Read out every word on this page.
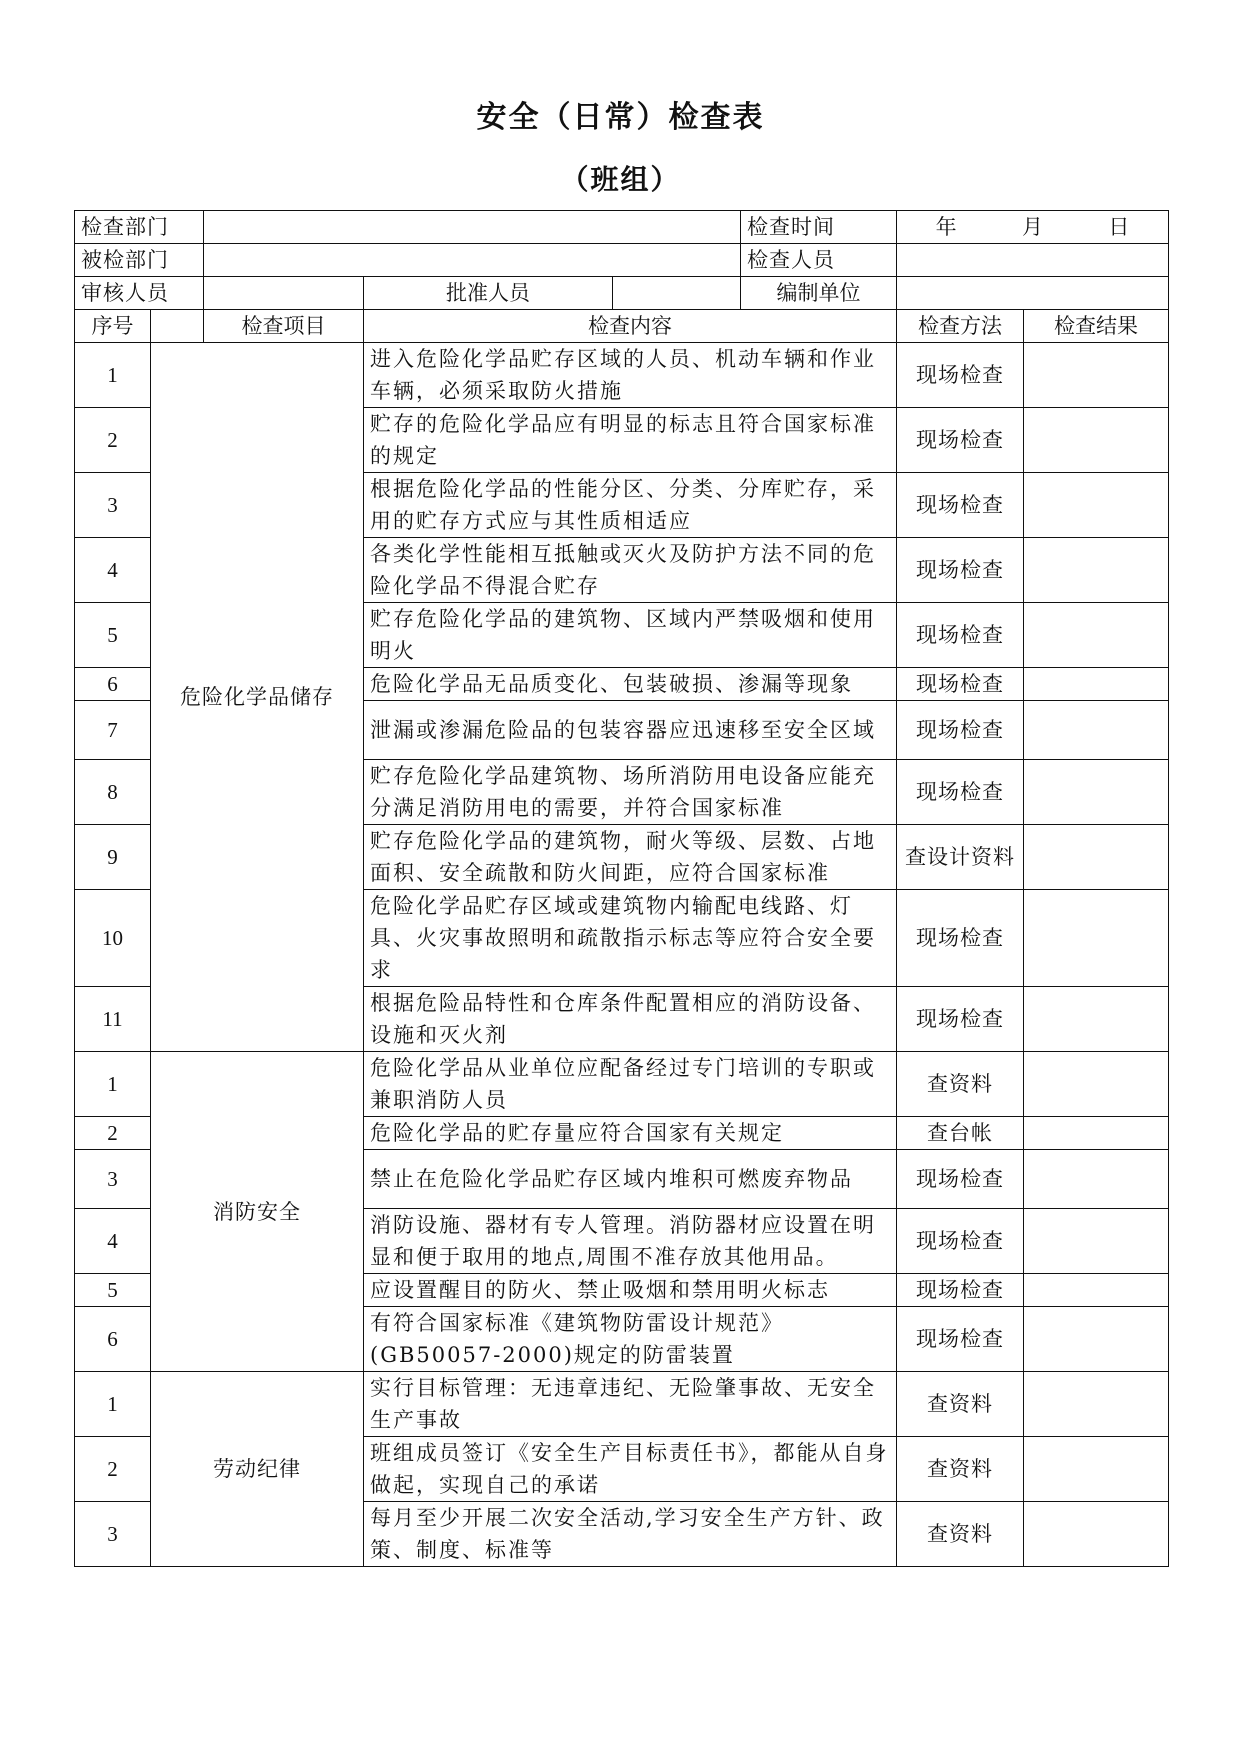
安全（日常）检查表
（班组）
检查部门					检查时间	年 月 日	
被检部门					检查人员		
审核人员			批准人员		编制单位		
序号		检查项目	检查内容			检查方法	检查结果
1	危险化学品储存		进入危险化学品贮存区域的人员、机动车辆和作业车辆，必须采取防火措施			现场检查	
2			贮存的危险化学品应有明显的标志且符合国家标准的规定			现场检查	
3			根据危险化学品的性能分区、分类、分库贮存，采用的贮存方式应与其性质相适应			现场检查	
4			各类化学性能相互抵触或灭火及防护方法不同的危险化学品不得混合贮存			现场检查	
5			贮存危险化学品的建筑物、区域内严禁吸烟和使用明火			现场检查	
6			危险化学品无品质变化、包装破损、渗漏等现象			现场检查	
7			泄漏或渗漏危险品的包装容器应迅速移至安全区域			现场检查	
8			贮存危险化学品建筑物、场所消防用电设备应能充分满足消防用电的需要，并符合国家标准			现场检查	
9			贮存危险化学品的建筑物，耐火等级、层数、占地面积、安全疏散和防火间距，应符合国家标准			查设计资料	
10			危险化学品贮存区域或建筑物内输配电线路、灯具、火灾事故照明和疏散指示标志等应符合安全要求			现场检查	
11			根据危险品特性和仓库条件配置相应的消防设备、设施和灭火剂			现场检查	
1	消防安全		危险化学品从业单位应配备经过专门培训的专职或兼职消防人员			查资料	
2			危险化学品的贮存量应符合国家有关规定			查台帐	
3			禁止在危险化学品贮存区域内堆积可燃废弃物品			现场检查	
4			消防设施、器材有专人管理。消防器材应设置在明显和便于取用的地点,周围不准存放其他用品。			现场检查	
5			应设置醒目的防火、禁止吸烟和禁用明火标志			现场检查	
6			有符合国家标准《建筑物防雷设计规范》(GB50057-2000)规定的防雷装置			现场检查	
1	劳动纪律		实行目标管理：无违章违纪、无险肇事故、无安全生产事故			查资料	
2			班组成员签订《安全生产目标责任书》，都能从自身做起，实现自己的承诺			查资料	
3			每月至少开展二次安全活动,学习安全生产方针、政策、制度、标准等			查资料	
